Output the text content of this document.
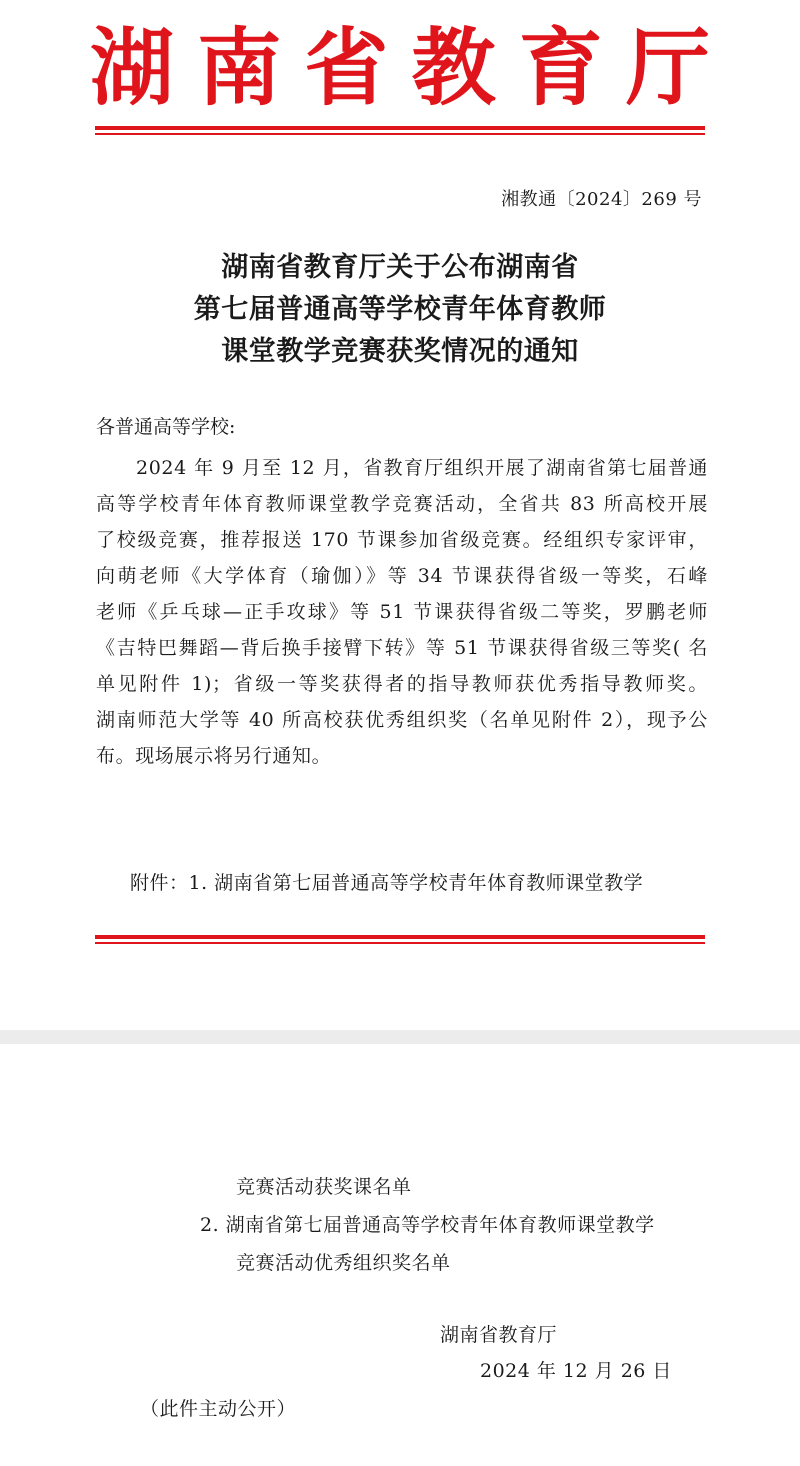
湖 南 省 教 育 厅
湘教通〔2024〕269 号
湖南省教育厅关于公布湖南省
第七届普通高等学校青年体育教师
课堂教学竞赛获奖情况的通知
各普通高等学校:
2024 年 9 月至 12 月，省教育厅组织开展了湖南省第七届普通
高等学校青年体育教师课堂教学竞赛活动，全省共 83 所高校开展
了校级竞赛，推荐报送 170 节课参加省级竞赛。经组织专家评审，
向萌老师《大学体育（瑜伽）》等 34 节课获得省级一等奖，石峰
老师《乒乓球—正手攻球》等 51 节课获得省级二等奖，罗鹏老师
《吉特巴舞蹈—背后换手接臂下转》等 51 节课获得省级三等奖( 名
单见附件 1)；省级一等奖获得者的指导教师获优秀指导教师奖。
湖南师范大学等 40 所高校获优秀组织奖（名单见附件 2），现予公
布。现场展示将另行通知。
附件：1. 湖南省第七届普通高等学校青年体育教师课堂教学
竞赛活动获奖课名单
2. 湖南省第七届普通高等学校青年体育教师课堂教学
竞赛活动优秀组织奖名单
湖南省教育厅
2024 年 12 月 26 日
（此件主动公开）
